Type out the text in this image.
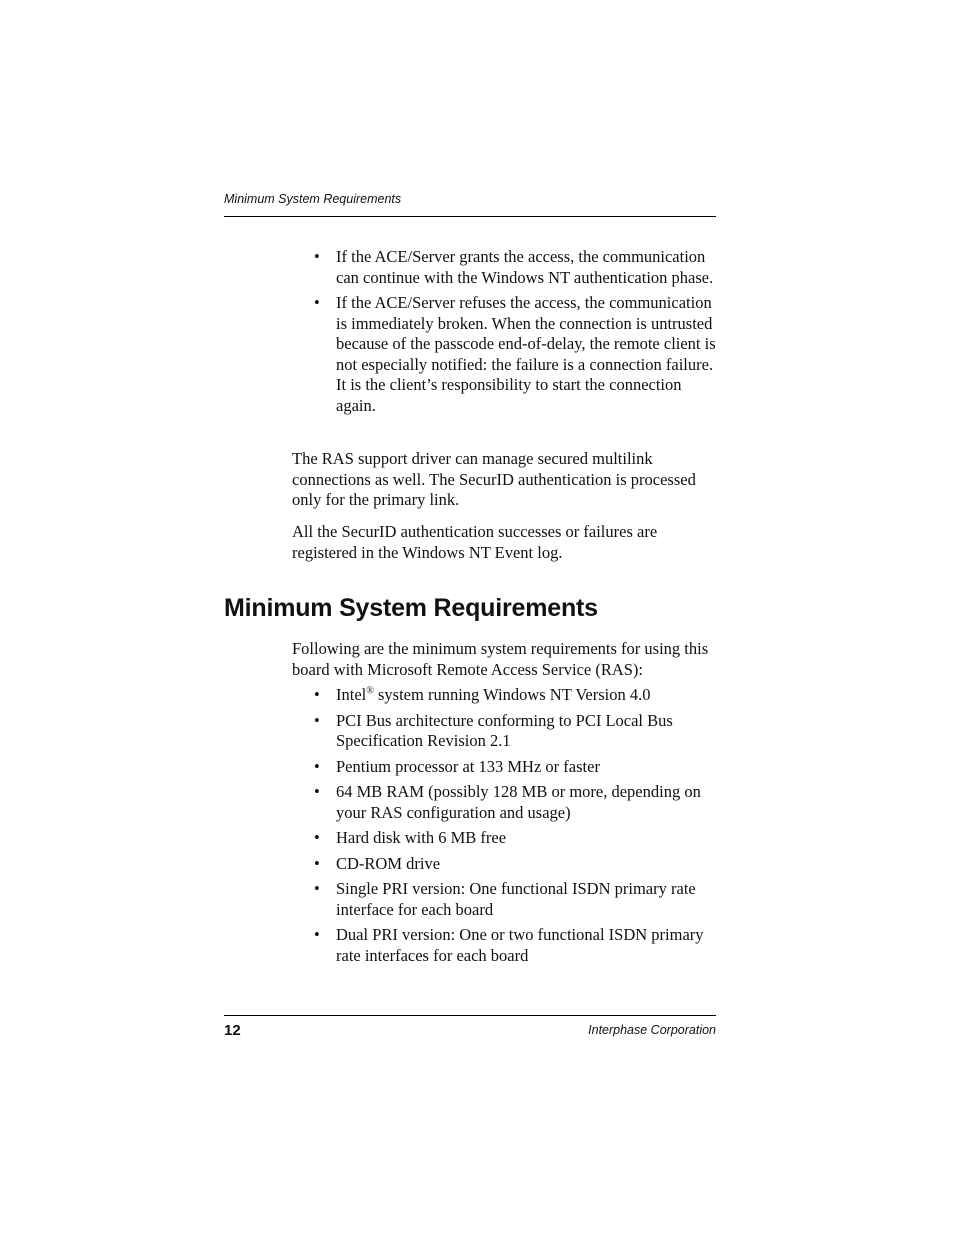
Minimum System Requirements
• If the ACE/Server grants the access, the communication can continue with the Windows NT authentication phase.
• If the ACE/Server refuses the access, the communication is immediately broken. When the connection is untrusted because of the passcode end-of-delay, the remote client is not especially notified: the failure is a connection failure. It is the client’s responsibility to start the connection again.

The RAS support driver can manage secured multilink connections as well. The SecurID authentication is processed only for the primary link.

All the SecurID authentication successes or failures are registered in the Windows NT Event log.

Minimum System Requirements

Following are the minimum system requirements for using this board with Microsoft Remote Access Service (RAS):

• Intel® system running Windows NT Version 4.0
• PCI Bus architecture conforming to PCI Local Bus Specification Revision 2.1
• Pentium processor at 133 MHz or faster
• 64 MB RAM (possibly 128 MB or more, depending on your RAS configuration and usage)
• Hard disk with 6 MB free
• CD-ROM drive
• Single PRI version: One functional ISDN primary rate interface for each board
• Dual PRI version: One or two functional ISDN primary rate interfaces for each board
12	Interphase Corporation
